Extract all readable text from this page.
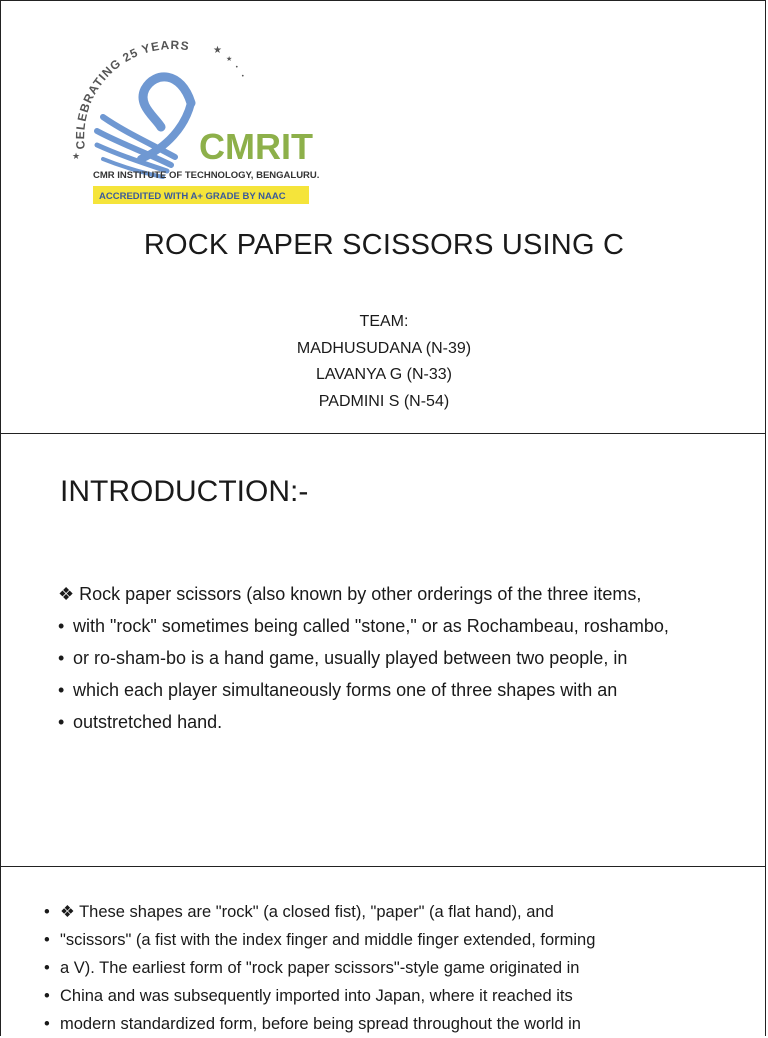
CELEBRATING 25 YEARS ★
★
•
•
★	CMRIT
CMR INSTITUTE OF TECHNOLOGY, BENGALURU.
ACCREDITED WITH A+ GRADE BY NAAC
ROCK PAPER SCISSORS USING C
TEAM:
MADHUSUDANA (N-39)
LAVANYA G (N-33)
PADMINI S (N-54)
INTRODUCTION:-
❖ Rock paper scissors (also known by other orderings of the three items,
• with "rock" sometimes being called "stone," or as Rochambeau, roshambo,
• or ro-sham-bo is a hand game, usually played between two people, in
• which each player simultaneously forms one of three shapes with an
• outstretched hand.
• ❖ These shapes are "rock" (a closed fist), "paper" (a flat hand), and
• "scissors" (a fist with the index finger and middle finger extended, forming
• a V). The earliest form of "rock paper scissors"-style game originated in
• China and was subsequently imported into Japan, where it reached its
• modern standardized form, before being spread throughout the world in
